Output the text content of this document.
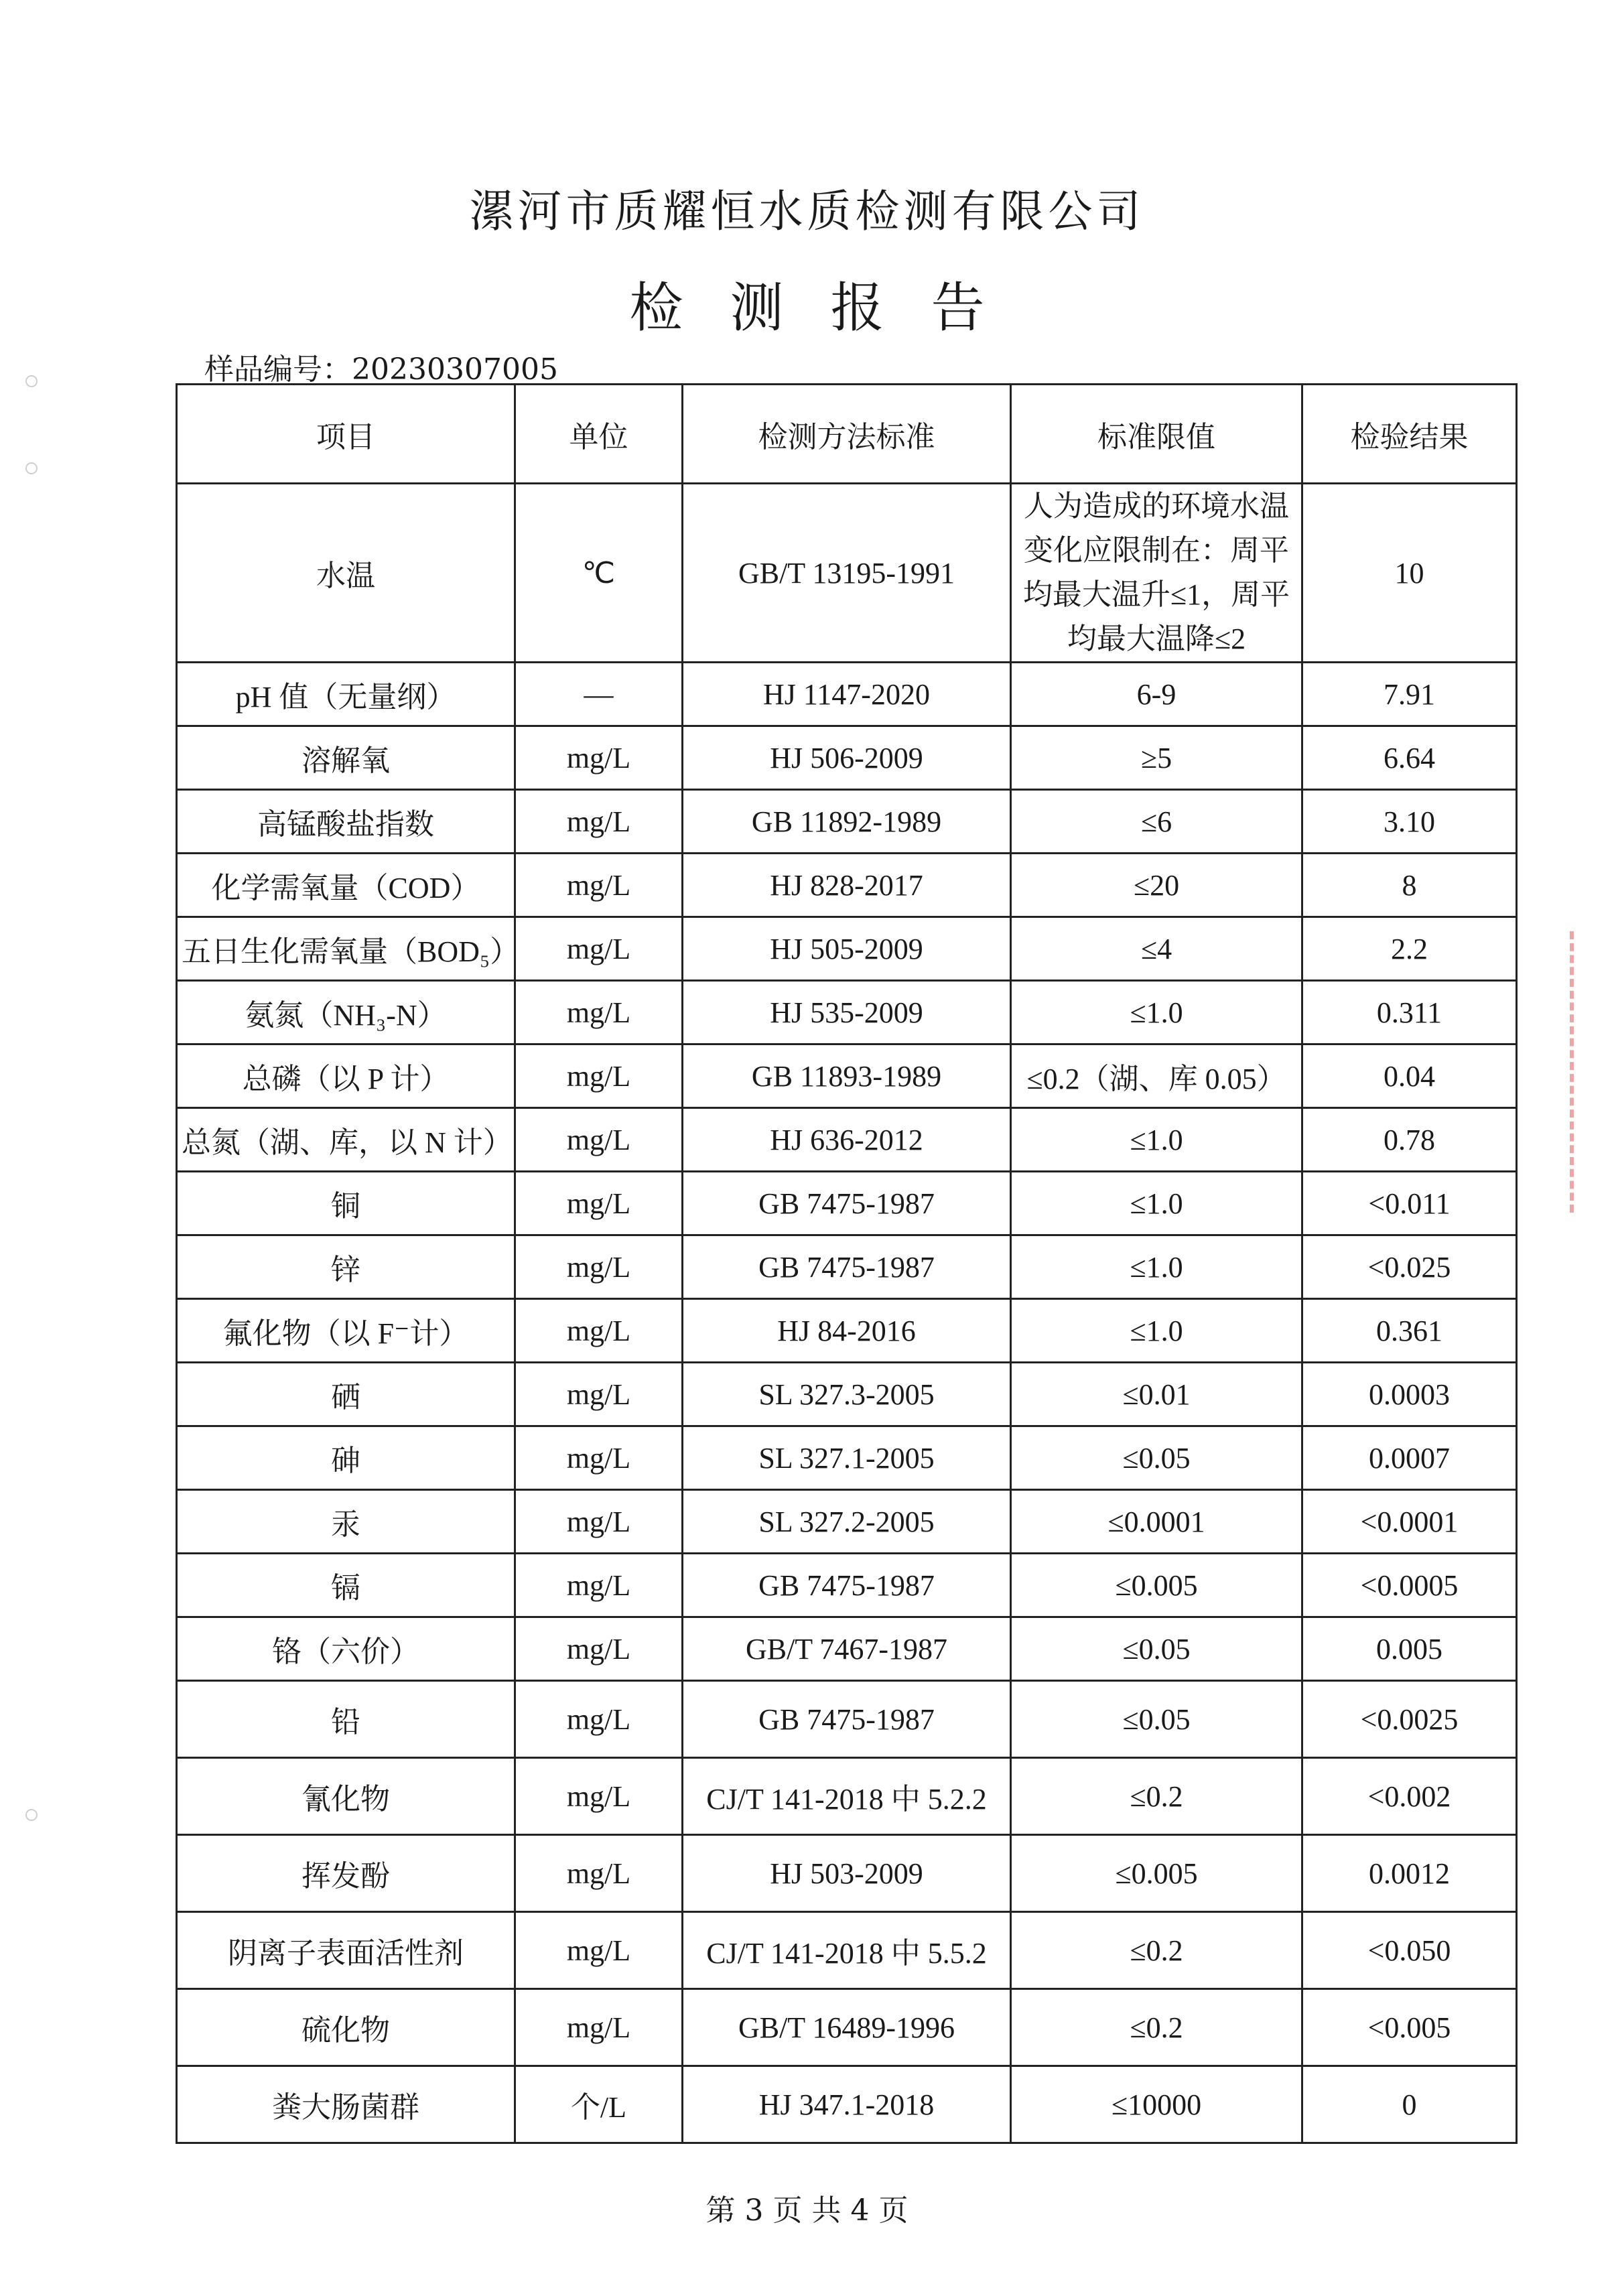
漯河市质耀恒水质检测有限公司
检测报告
样品编号：20230307005
项目	单位	检测方法标准	标准限值	检验结果
水温	℃	GB/T 13195-1991	人为造成的环境水温变化应限制在：周平均最大温升≤1，周平均最大温降≤2	10
pH 值（无量纲）	—	HJ 1147-2020	6-9	7.91
溶解氧	mg/L	HJ 506-2009	≥5	6.64
高锰酸盐指数	mg/L	GB 11892-1989	≤6	3.10
化学需氧量（COD）	mg/L	HJ 828-2017	≤20	8
五日生化需氧量（BOD₅）	mg/L	HJ 505-2009	≤4	2.2
氨氮（NH₃-N）	mg/L	HJ 535-2009	≤1.0	0.311
总磷（以 P 计）	mg/L	GB 11893-1989	≤0.2（湖、库 0.05）	0.04
总氮（湖、库，以 N 计）	mg/L	HJ 636-2012	≤1.0	0.78
铜	mg/L	GB 7475-1987	≤1.0	<0.011
锌	mg/L	GB 7475-1987	≤1.0	<0.025
氟化物（以 F⁻计）	mg/L	HJ 84-2016	≤1.0	0.361
硒	mg/L	SL 327.3-2005	≤0.01	0.0003
砷	mg/L	SL 327.1-2005	≤0.05	0.0007
汞	mg/L	SL 327.2-2005	≤0.0001	<0.0001
镉	mg/L	GB 7475-1987	≤0.005	<0.0005
铬（六价）	mg/L	GB/T 7467-1987	≤0.05	0.005
铅	mg/L	GB 7475-1987	≤0.05	<0.0025
氰化物	mg/L	CJ/T 141-2018 中 5.2.2	≤0.2	<0.002
挥发酚	mg/L	HJ 503-2009	≤0.005	0.0012
阴离子表面活性剂	mg/L	CJ/T 141-2018 中 5.5.2	≤0.2	<0.050
硫化物	mg/L	GB/T 16489-1996	≤0.2	<0.005
粪大肠菌群	个/L	HJ 347.1-2018	≤10000	0
第 3 页 共 4 页
